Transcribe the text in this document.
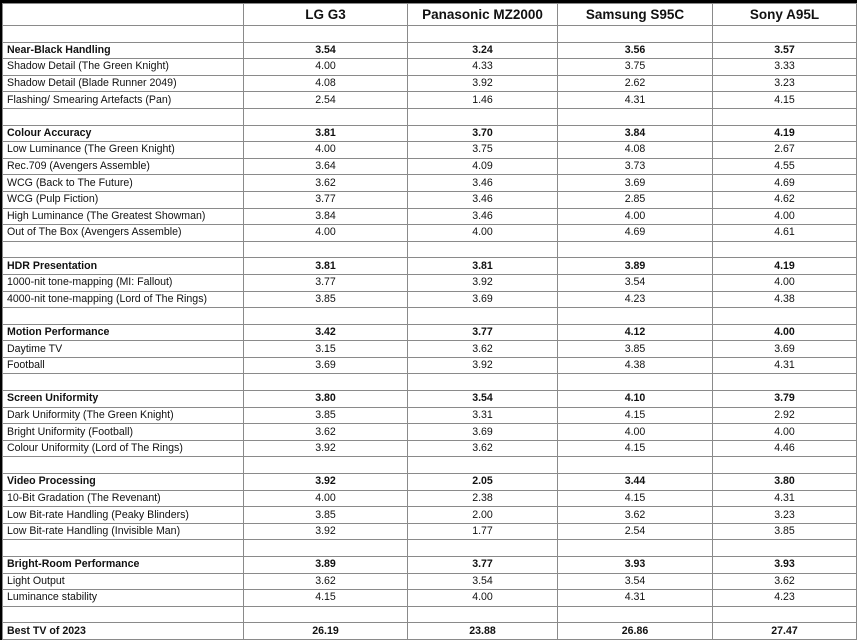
	LG G3	Panasonic MZ2000	Samsung S95C	Sony A95L

Near-Black Handling	3.54	3.24	3.56	3.57
Shadow Detail (The Green Knight)	4.00	4.33	3.75	3.33
Shadow Detail (Blade Runner 2049)	4.08	3.92	2.62	3.23
Flashing/ Smearing Artefacts (Pan)	2.54	1.46	4.31	4.15

Colour Accuracy	3.81	3.70	3.84	4.19
Low Luminance (The Green Knight)	4.00	3.75	4.08	2.67
Rec.709 (Avengers Assemble)	3.64	4.09	3.73	4.55
WCG (Back to The Future)	3.62	3.46	3.69	4.69
WCG (Pulp Fiction)	3.77	3.46	2.85	4.62
High Luminance (The Greatest Showman)	3.84	3.46	4.00	4.00
Out of The Box (Avengers Assemble)	4.00	4.00	4.69	4.61

HDR Presentation	3.81	3.81	3.89	4.19
1000-nit tone-mapping (MI: Fallout)	3.77	3.92	3.54	4.00
4000-nit tone-mapping (Lord of The Rings)	3.85	3.69	4.23	4.38

Motion Performance	3.42	3.77	4.12	4.00
Daytime TV	3.15	3.62	3.85	3.69
Football	3.69	3.92	4.38	4.31

Screen Uniformity	3.80	3.54	4.10	3.79
Dark Uniformity (The Green Knight)	3.85	3.31	4.15	2.92
Bright Uniformity (Football)	3.62	3.69	4.00	4.00
Colour Uniformity (Lord of The Rings)	3.92	3.62	4.15	4.46

Video Processing	3.92	2.05	3.44	3.80
10-Bit Gradation (The Revenant)	4.00	2.38	4.15	4.31
Low Bit-rate Handling (Peaky Blinders)	3.85	2.00	3.62	3.23
Low Bit-rate Handling (Invisible Man)	3.92	1.77	2.54	3.85

Bright-Room Performance	3.89	3.77	3.93	3.93
Light Output	3.62	3.54	3.54	3.62
Luminance stability	4.15	4.00	4.31	4.23

Best TV of 2023	26.19	23.88	26.86	27.47
